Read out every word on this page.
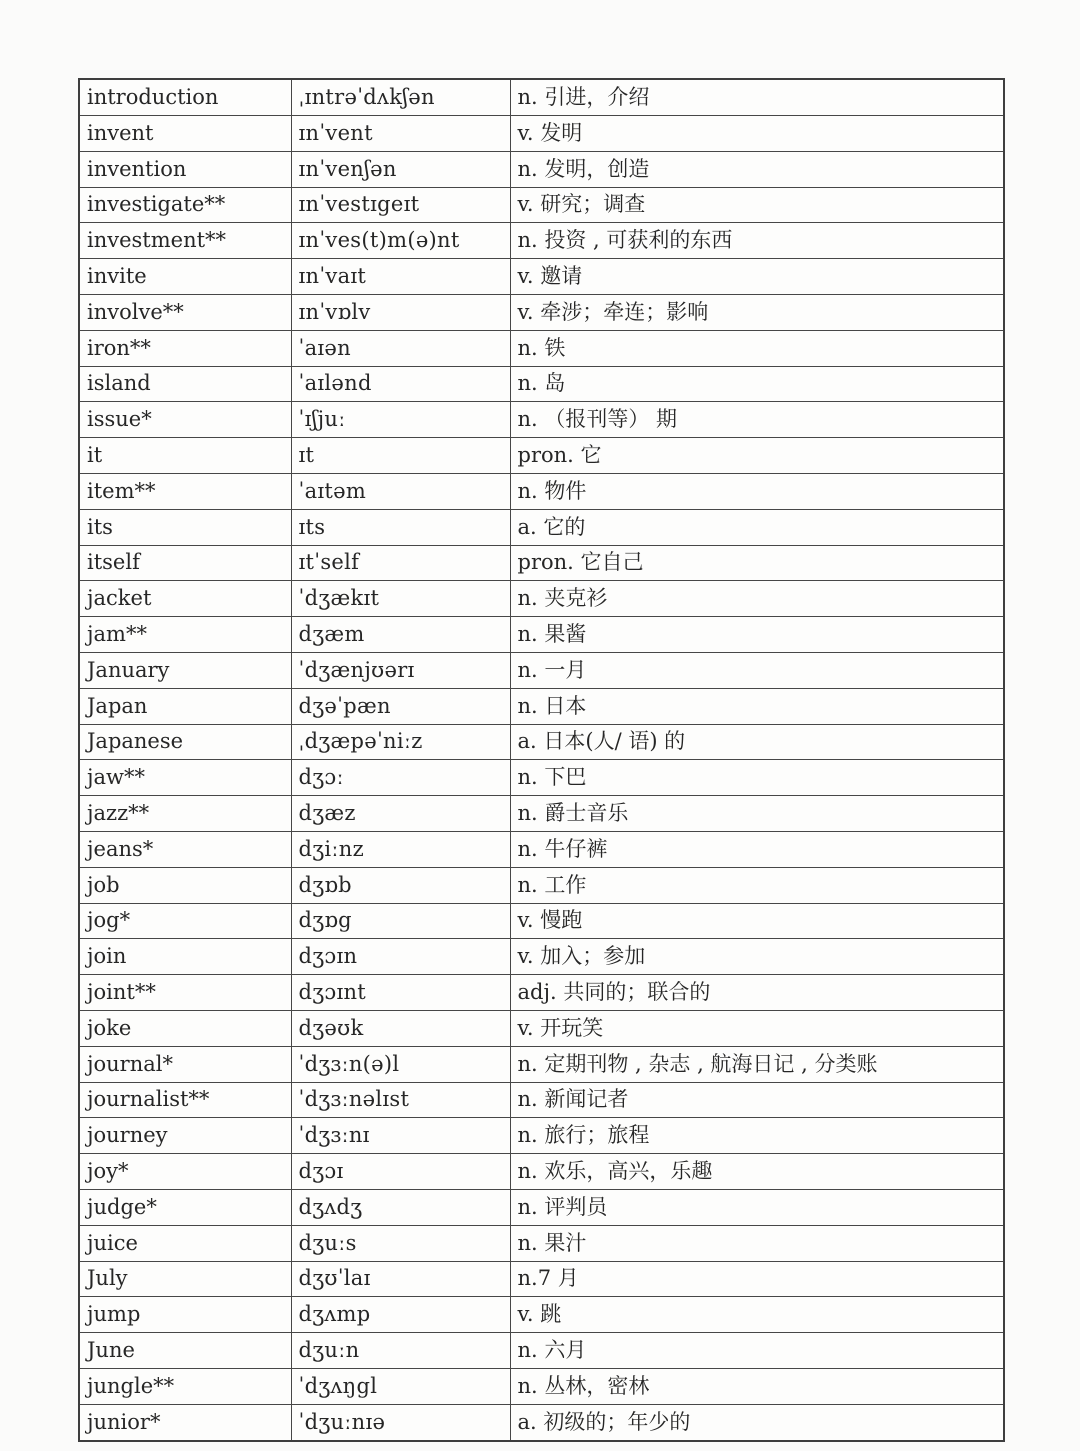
introduction	ˌɪntrəˈdʌkʃən	n. 引进，介绍
invent	ɪnˈvent	v. 发明
invention	ɪnˈvenʃən	n. 发明，创造
investigate**	ɪnˈvestɪgeɪt	v. 研究；调查
investment**	ɪnˈves(t)m(ə)nt	n. 投资 , 可获利的东西
invite	ɪnˈvaɪt	v. 邀请
involve**	ɪnˈvɒlv	v. 牵涉；牵连；影响
iron**	ˈaɪən	n. 铁
island	ˈaɪlənd	n. 岛
issue*	ˈɪʃjuː	n. （报刊等） 期
it	ɪt	pron. 它
item**	ˈaɪtəm	n. 物件
its	ɪts	a. 它的
itself	ɪtˈself	pron. 它自己
jacket	ˈdʒækɪt	n. 夹克衫
jam**	dʒæm	n. 果酱
January	ˈdʒænjʊərɪ	n. 一月
Japan	dʒəˈpæn	n. 日本
Japanese	ˌdʒæpəˈniːz	a. 日本(人/ 语) 的
jaw**	dʒɔː	n. 下巴
jazz**	dʒæz	n. 爵士音乐
jeans*	dʒiːnz	n. 牛仔裤
job	dʒɒb	n. 工作
jog*	dʒɒg	v. 慢跑
join	dʒɔɪn	v. 加入；参加
joint**	dʒɔɪnt	adj. 共同的；联合的
joke	dʒəʊk	v. 开玩笑
journal*	ˈdʒɜːn(ə)l	n. 定期刊物 , 杂志 , 航海日记 , 分类账
journalist**	ˈdʒɜːnəlɪst	n. 新闻记者
journey	ˈdʒɜːnɪ	n. 旅行；旅程
joy*	dʒɔɪ	n. 欢乐，高兴，乐趣
judge*	dʒʌdʒ	n. 评判员
juice	dʒuːs	n. 果汁
July	dʒʊˈlaɪ	n.7 月
jump	dʒʌmp	v. 跳
June	dʒuːn	n. 六月
jungle**	ˈdʒʌŋgl	n. 丛林，密林
junior*	ˈdʒuːnɪə	a. 初级的；年少的
